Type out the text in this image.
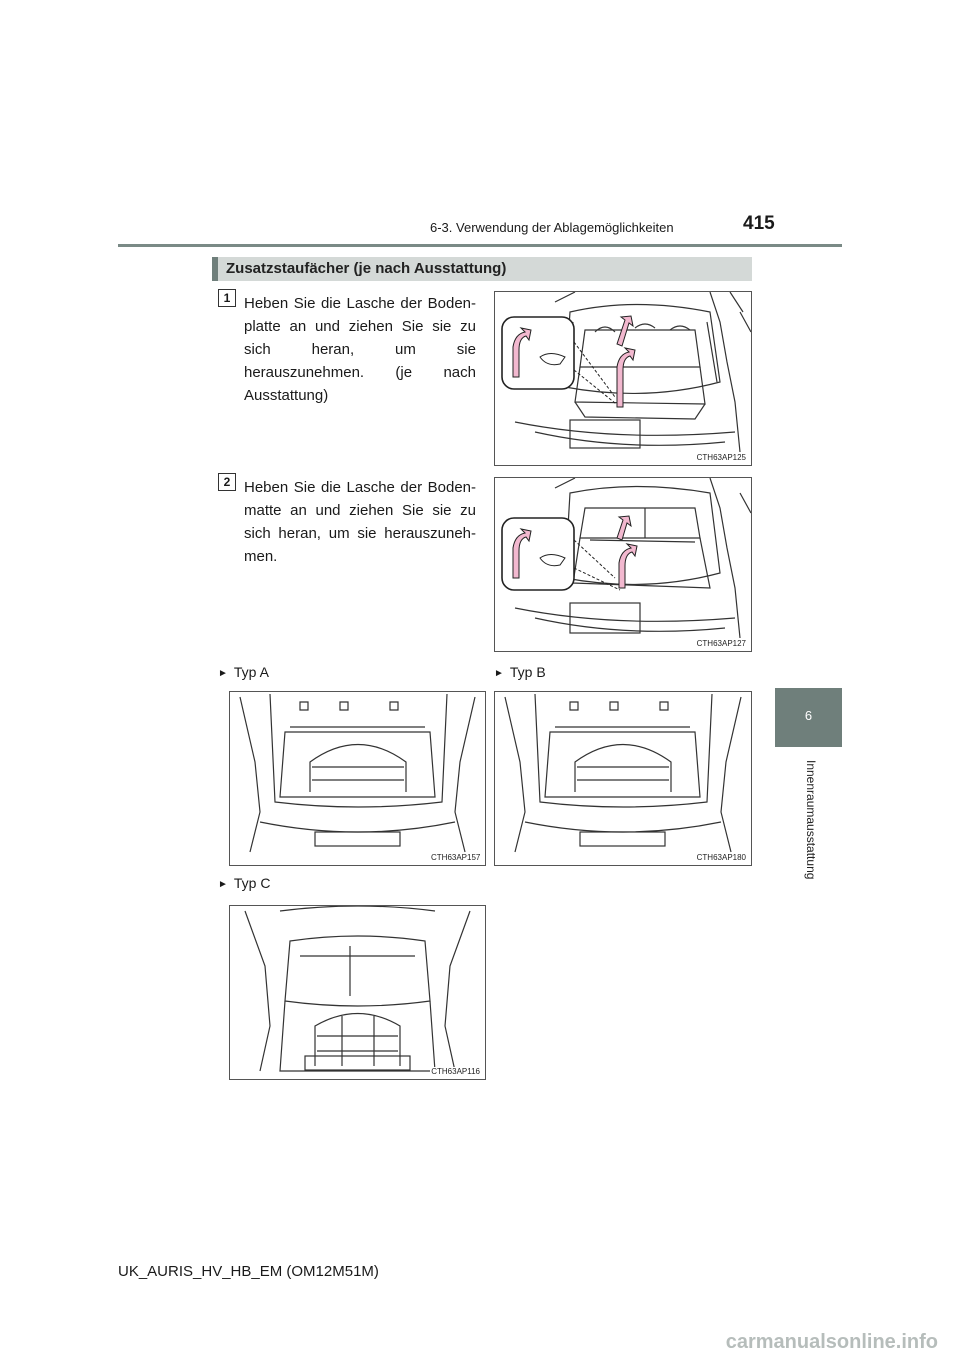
6-3. Verwendung der Ablagemöglichkeiten	415
6
Innenraumausstattung
Zusatzstaufächer (je nach Ausstattung)
1 Heben Sie die Lasche der Boden- platte an und ziehen Sie sie zu sich heran, um sie herauszunehmen. (je nach Ausstattung)
CTH63AP125
2 Heben Sie die Lasche der Boden- matte an und ziehen Sie sie zu sich heran, um sie herauszuneh- men.
CTH63AP127
► Typ A	► Typ B
CTH63AP157	CTH63AP180
► Typ C
CTH63AP116
UK_AURIS_HV_HB_EM (OM12M51M)
carmanualsonline.info
